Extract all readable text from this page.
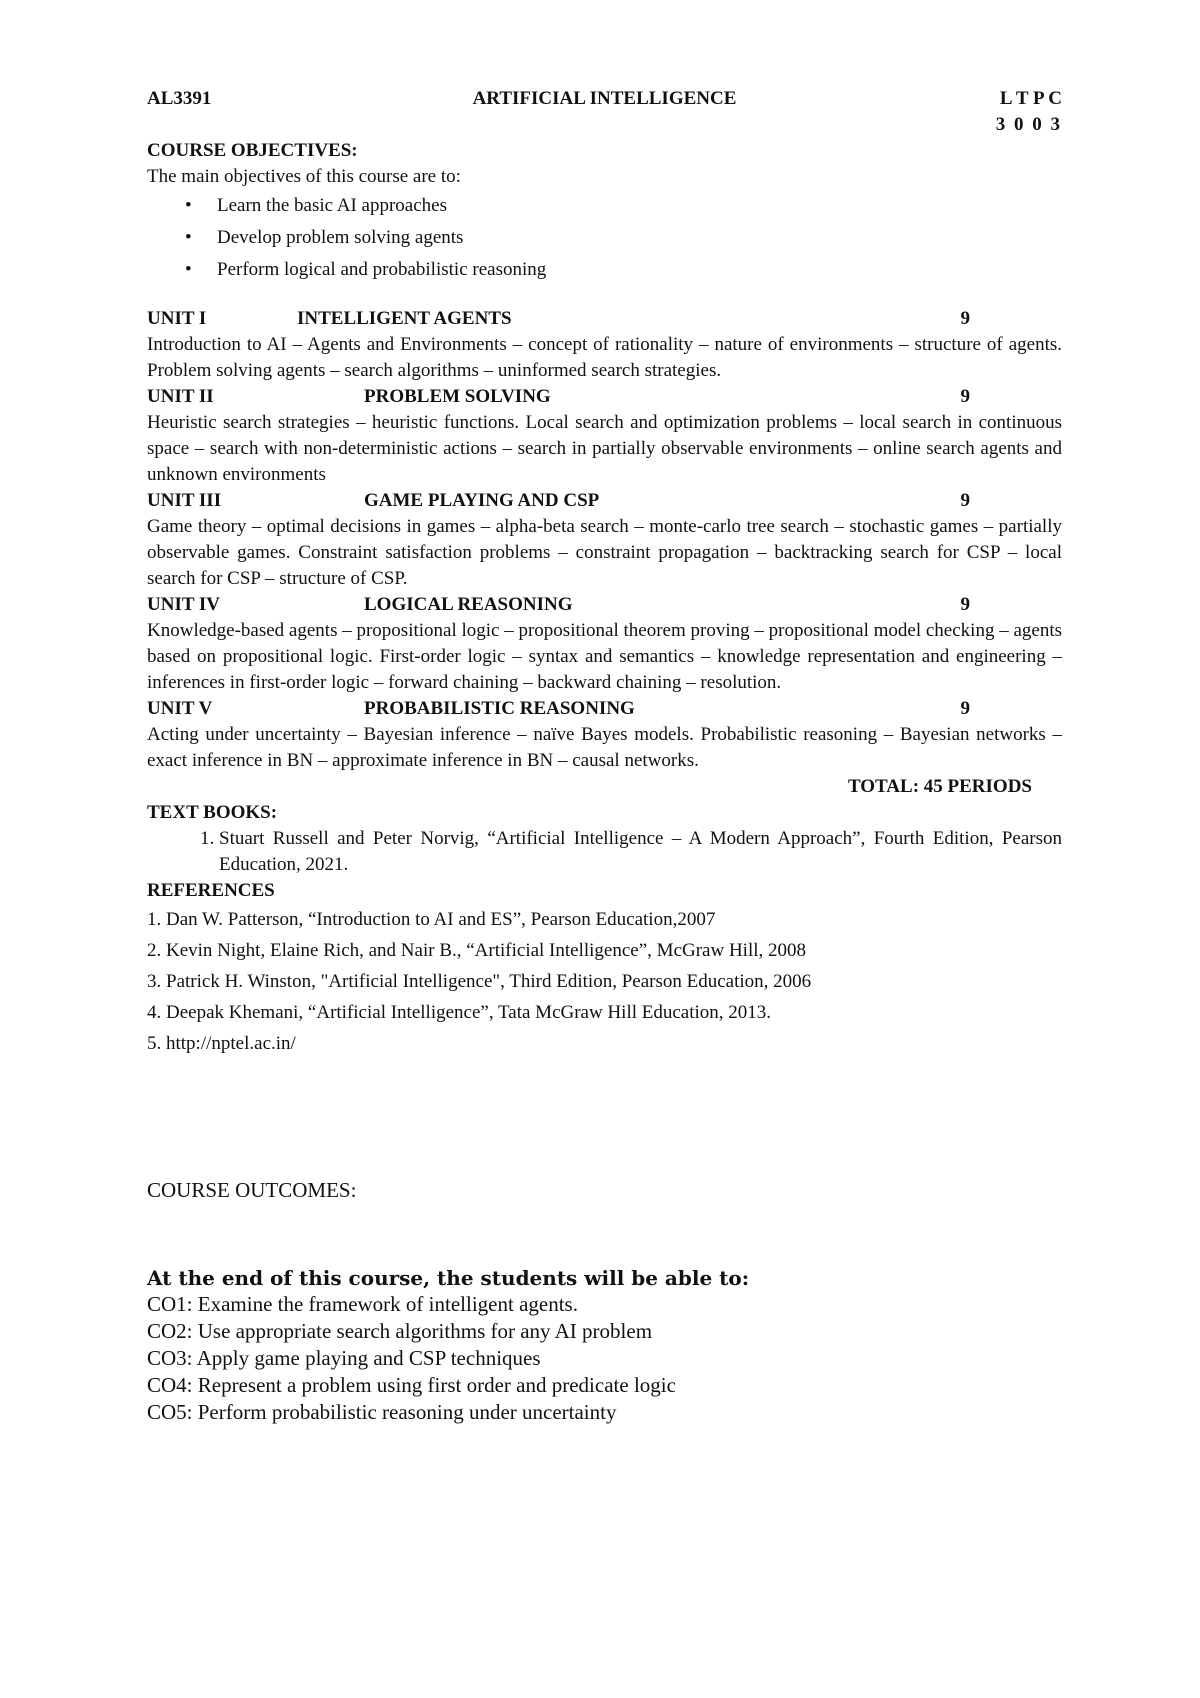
AL3391	ARTIFICIAL INTELLIGENCE	L T P C
3 0 0 3
COURSE OBJECTIVES:
The main objectives of this course are to:
• Learn the basic AI approaches
• Develop problem solving agents
• Perform logical and probabilistic reasoning
UNIT I	INTELLIGENT AGENTS	9
Introduction to AI – Agents and Environments – concept of rationality – nature of environments – structure of agents. Problem solving agents – search algorithms – uninformed search strategies.
UNIT II	PROBLEM SOLVING	9
Heuristic search strategies – heuristic functions. Local search and optimization problems – local search in continuous space – search with non-deterministic actions – search in partially observable environments – online search agents and unknown environments
UNIT III	GAME PLAYING AND CSP	9
Game theory – optimal decisions in games – alpha-beta search – monte-carlo tree search – stochastic games – partially observable games. Constraint satisfaction problems – constraint propagation – backtracking search for CSP – local search for CSP – structure of CSP.
UNIT IV	LOGICAL REASONING	9
Knowledge-based agents – propositional logic – propositional theorem proving – propositional model checking – agents based on propositional logic. First-order logic – syntax and semantics – knowledge representation and engineering – inferences in first-order logic – forward chaining – backward chaining – resolution.
UNIT V	PROBABILISTIC REASONING	9
Acting under uncertainty – Bayesian inference – naïve Bayes models. Probabilistic reasoning – Bayesian networks – exact inference in BN – approximate inference in BN – causal networks.
TOTAL: 45 PERIODS
TEXT BOOKS:
1. Stuart Russell and Peter Norvig, “Artificial Intelligence – A Modern Approach”, Fourth Edition, Pearson Education, 2021.
REFERENCES
1. Dan W. Patterson, “Introduction to AI and ES”, Pearson Education,2007
2. Kevin Night, Elaine Rich, and Nair B., “Artificial Intelligence”, McGraw Hill, 2008
3. Patrick H. Winston, "Artificial Intelligence", Third Edition, Pearson Education, 2006
4. Deepak Khemani, “Artificial Intelligence”, Tata McGraw Hill Education, 2013.
5. http://nptel.ac.in/
COURSE OUTCOMES:
At the end of this course, the students will be able to:
CO1: Examine the framework of intelligent agents.
CO2: Use appropriate search algorithms for any AI problem
CO3: Apply game playing and CSP techniques
CO4: Represent a problem using first order and predicate logic
CO5: Perform probabilistic reasoning under uncertainty
